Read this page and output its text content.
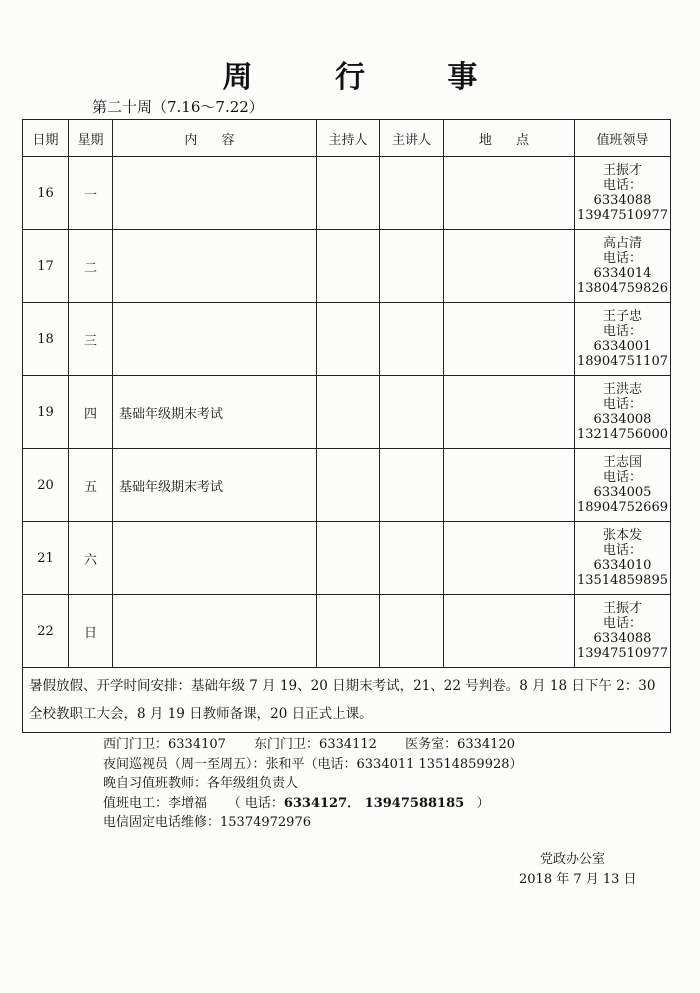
周 行 事
第二十周（7.16～7.22）
日期	星期	内 容	主持人	主讲人	地 点	值班领导
16	一					王振才
电话：6334088
13947510977

17	二					高占清
电话：6334014
13804759826

18	三					王子忠
电话：6334001
18904751107

19	四	基础年级期末考试				王洪志
电话：6334008
13214756000

20	五	基础年级期末考试				王志国
电话：6334005
18904752669

21	六					张本发
电话：6334010
13514859895

22	日					王振才
电话：6334088
13947510977

暑假放假、开学时间安排：基础年级 7 月 19、20 日期末考试，21、22 号判卷。8 月 18 日下午 2：30 全校教职工大会，8 月 19 日教师备课，20 日正式上课。						
西门门卫：6334107 东门门卫：6334112 医务室：6334120
夜间巡视员（周一至周五）：张和平（电话：6334011 13514859928）
晚自习值班教师：各年级组负责人
值班电工：李增福 （ 电话：6334127． 13947588185 ）
电信固定电话维修：15374972976
党政办公室
2018 年 7 月 13 日
